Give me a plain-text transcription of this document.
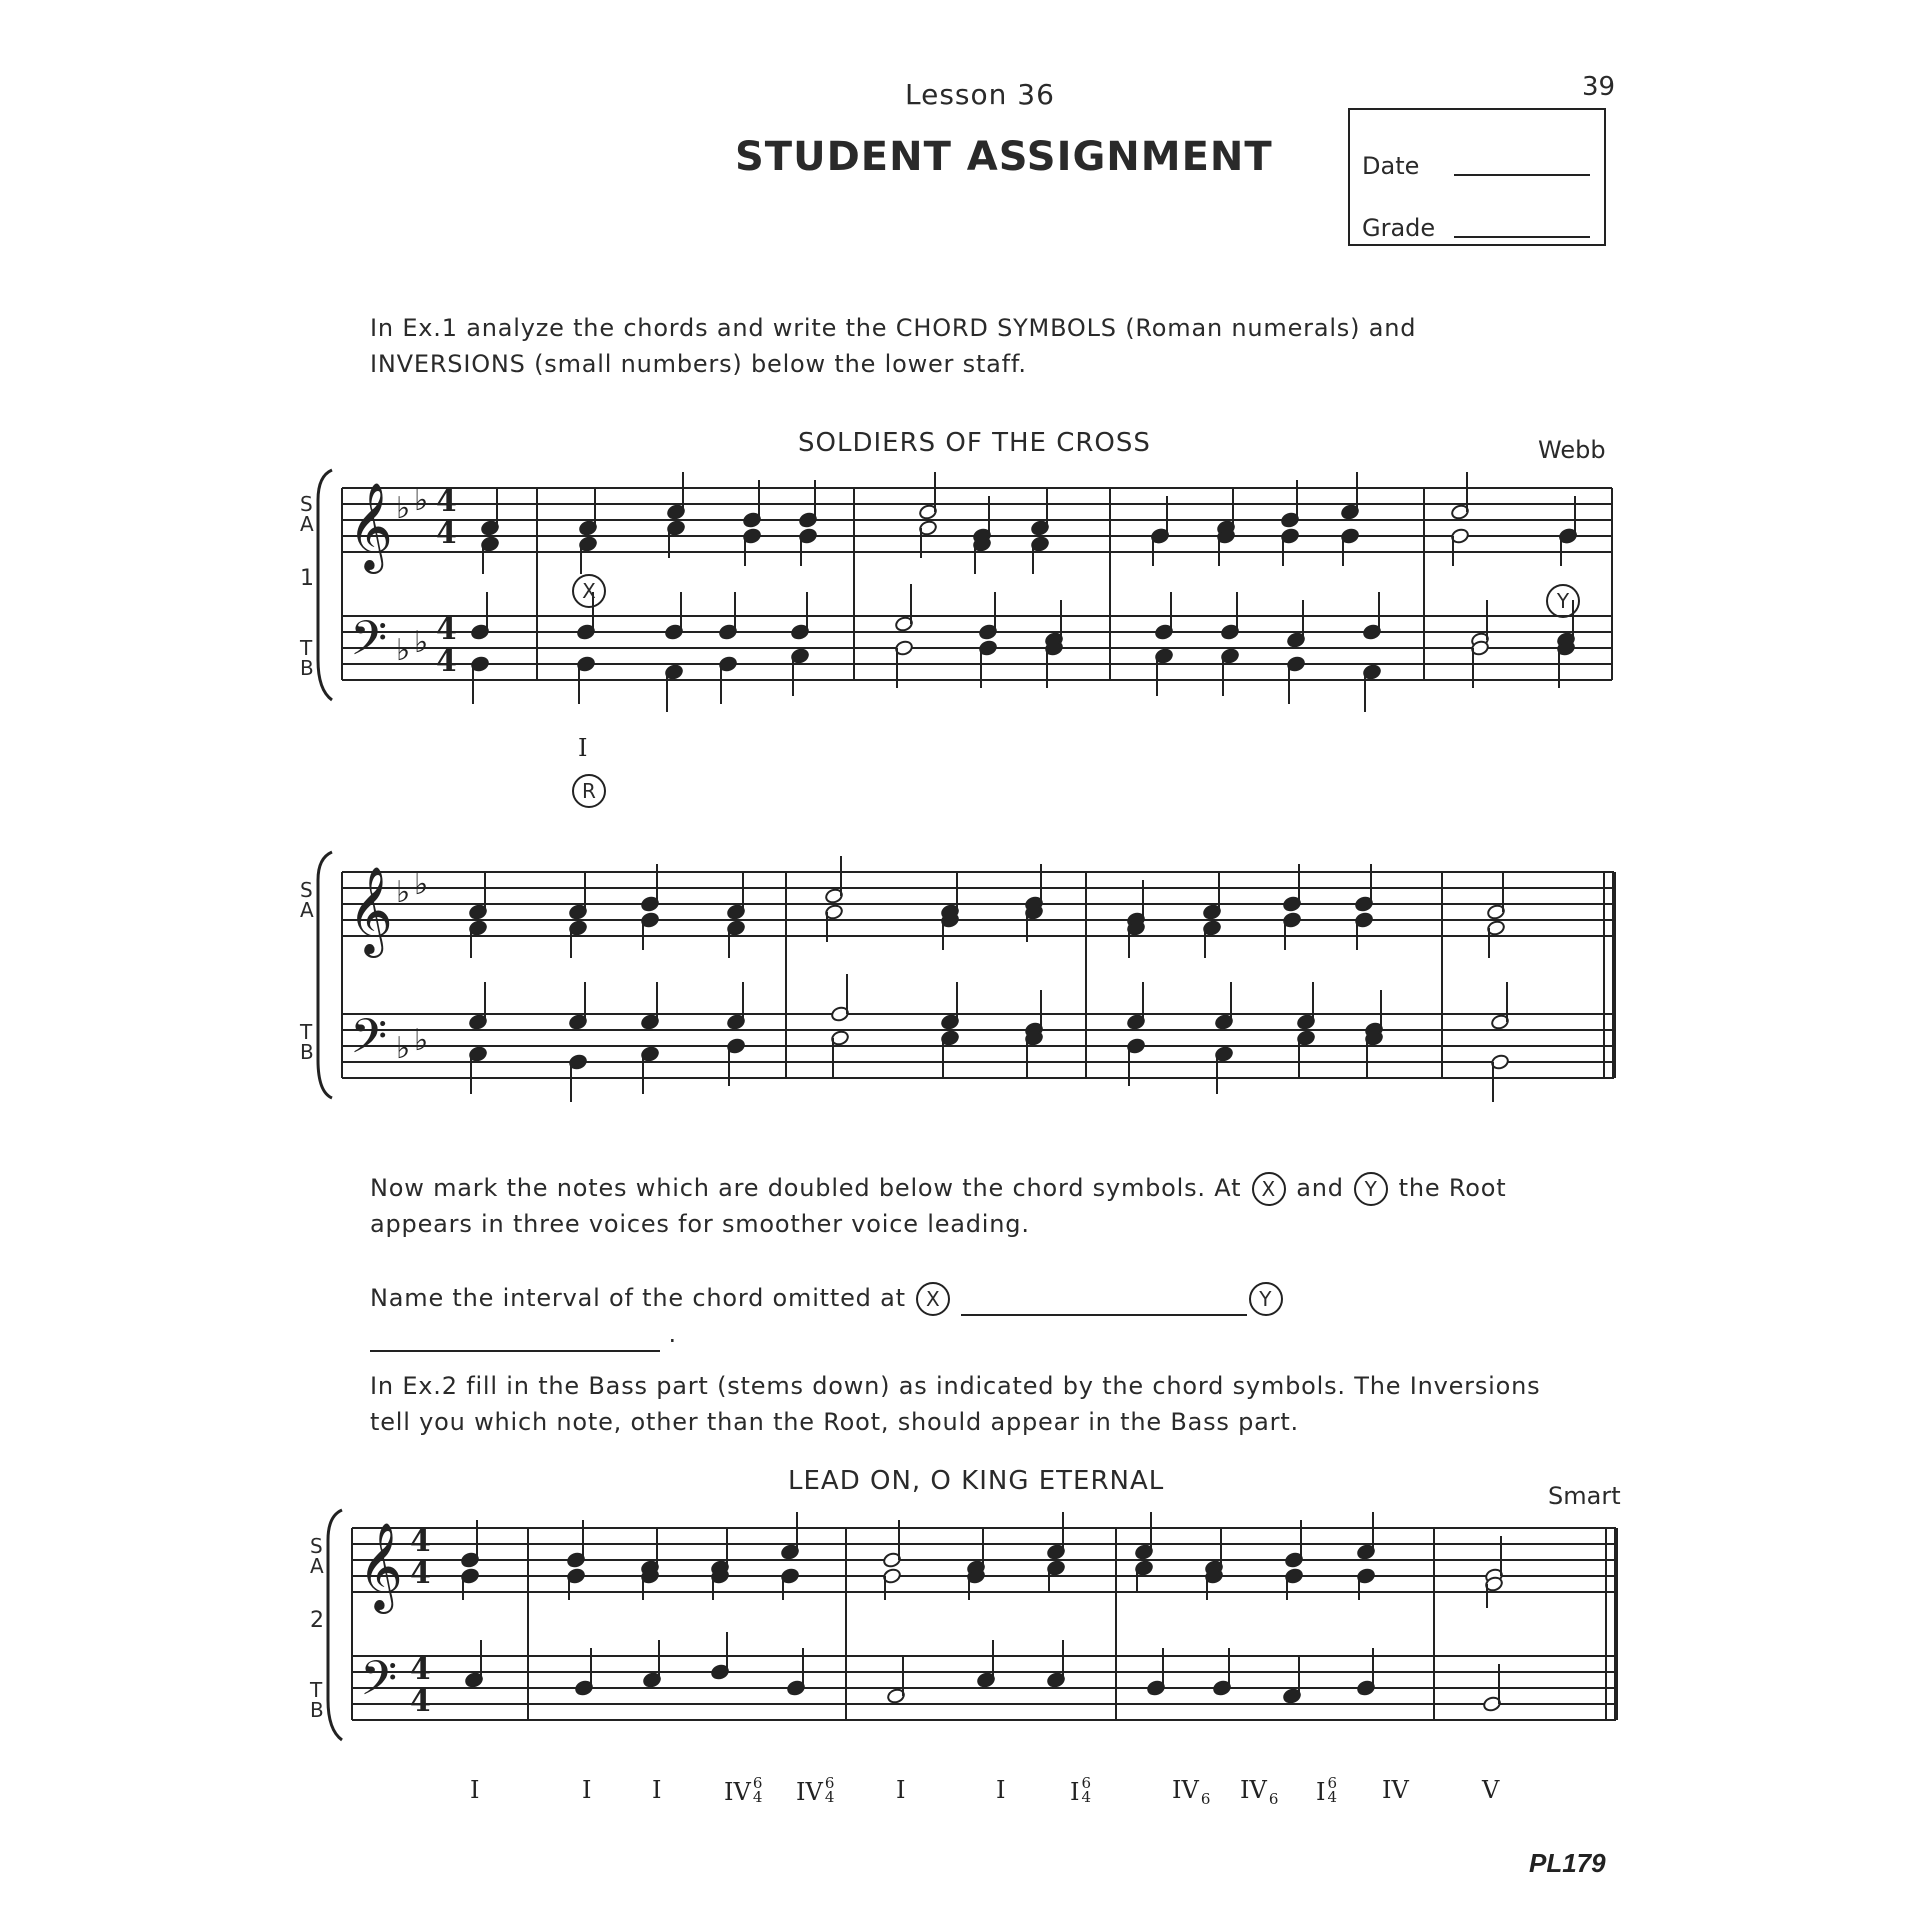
Lesson 36	39
STUDENT ASSIGNMENT	Date
Grade
In Ex.1 analyze the chords and write the CHORD SYMBOLS (Roman numerals) and INVERSIONS (small numbers) below the lower staff.
SOLDIERS OF THE CROSS	Webb
𝄞
𝄢
𝄞
𝄢
𝄞
𝄢
♭ ♭
♭ ♭
♭ ♭
♭ ♭
4
4
4
4
4
4
4
4
S
A
1
T
B
S
A
T
B
S
A
2
T
B
X	Y
I
R
Now mark the notes which are doubled below the chord symbols. At X and Y the Root appears in three voices for smoother voice leading.
Name the interval of the chord omitted at X	Y  .
In Ex.2 fill in the Bass part (stems down) as indicated by the chord symbols. The Inversions tell you which note, other than the Root, should appear in the Bass part.
LEAD ON, O KING ETERNAL	Smart
I	I	I	IV 6
4 IV 6
4	I	I	I 6
4	IV 6 IV 6 I 6
4 IV	V
PL179
